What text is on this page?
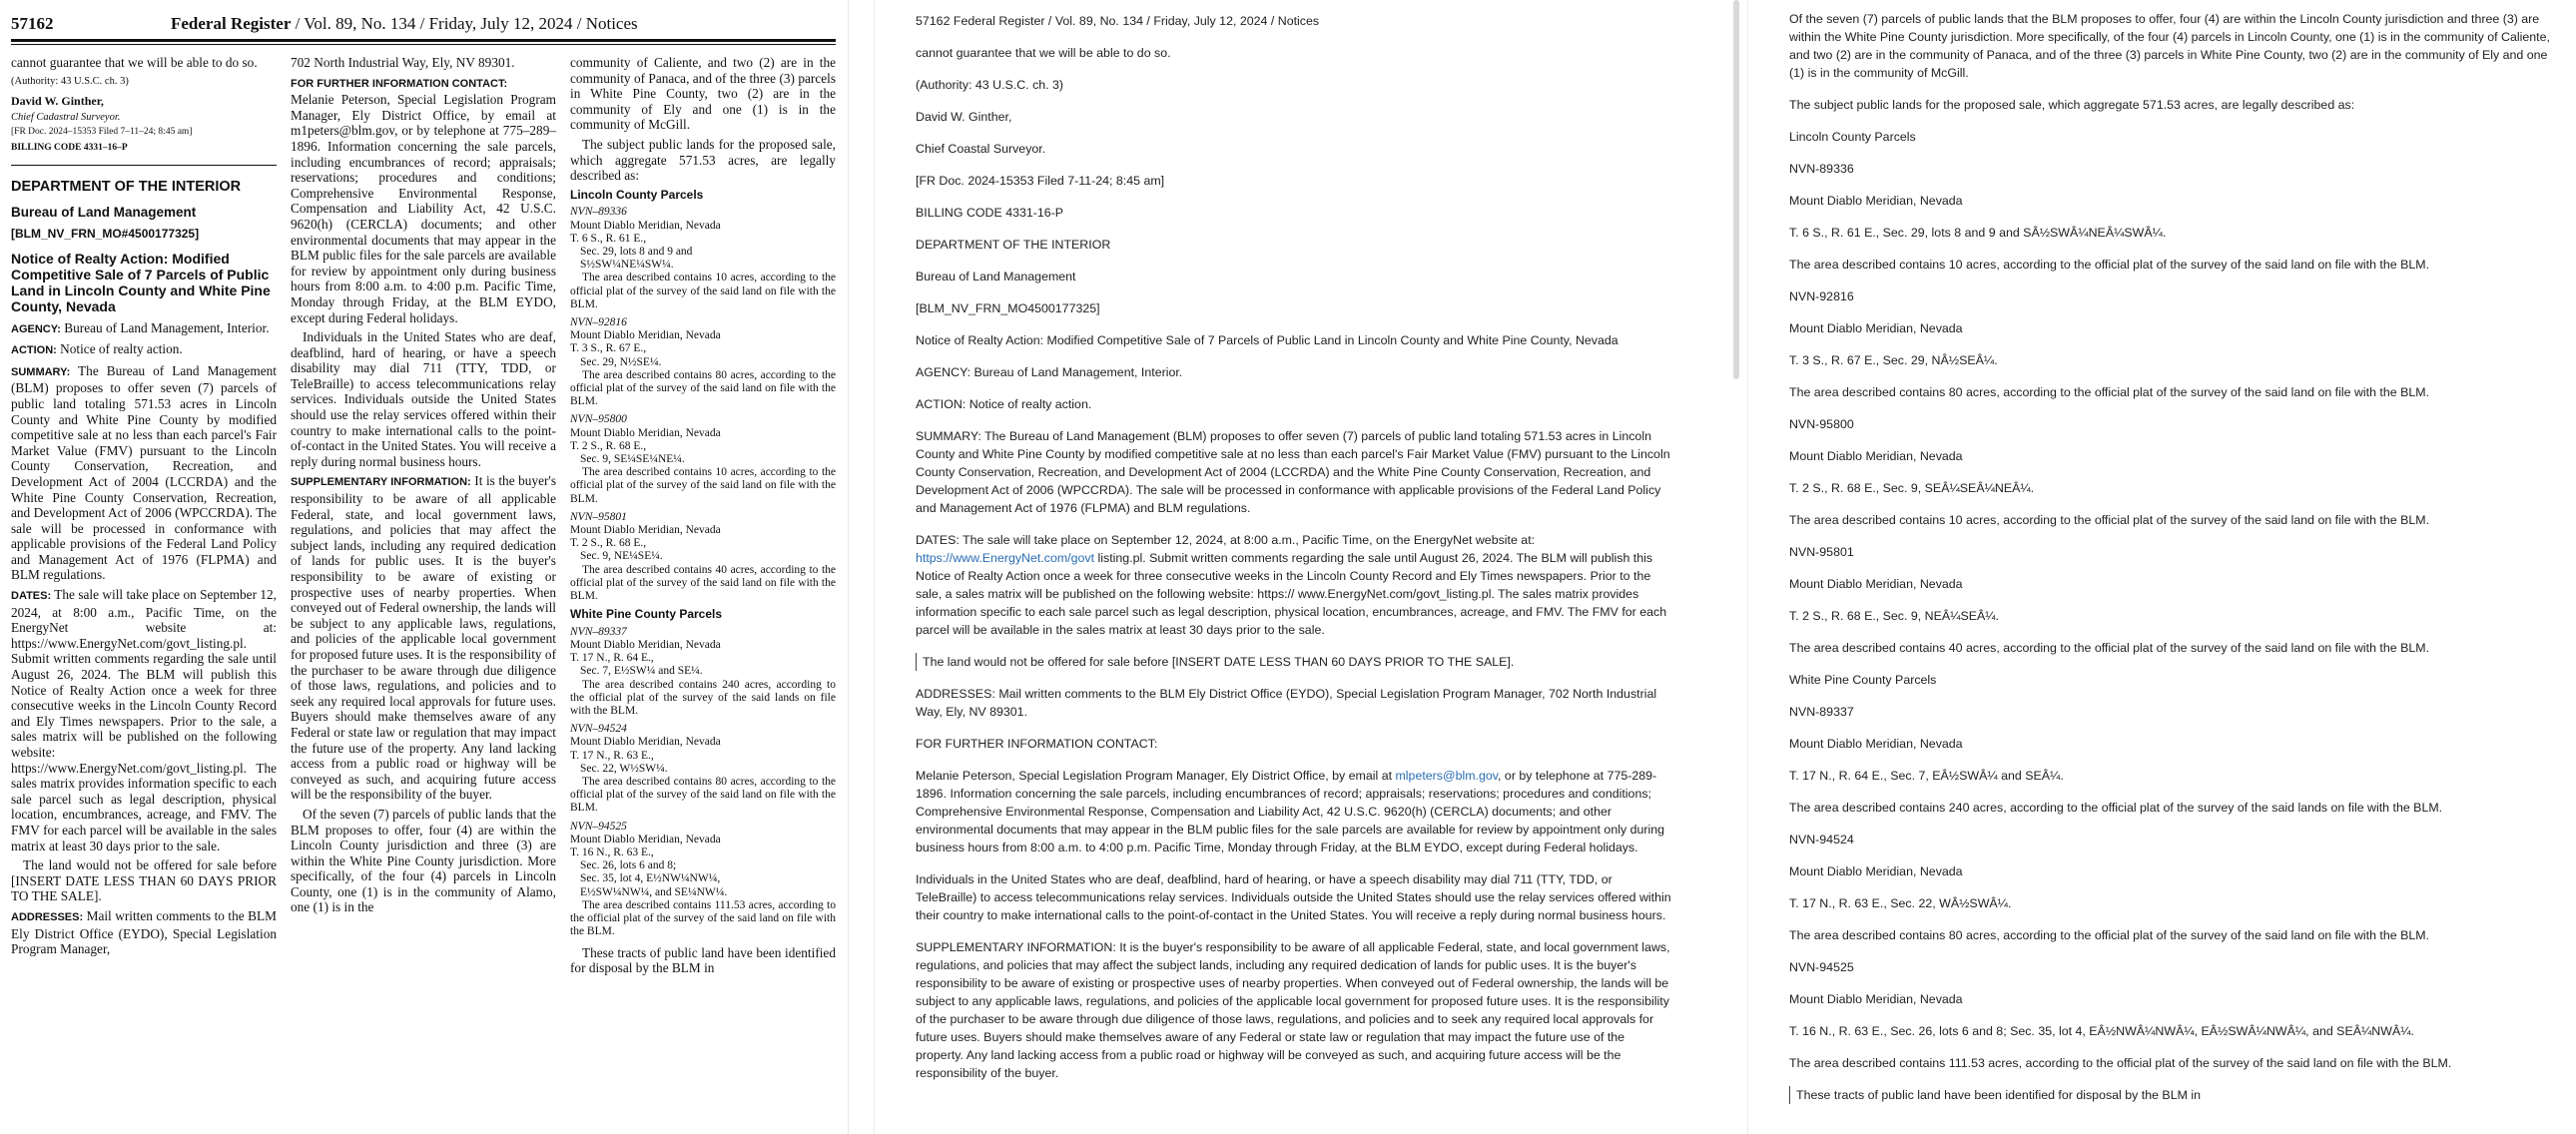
57162	Federal Register / Vol. 89, No. 134 / Friday, July 12, 2024 / Notices

cannot guarantee that we will be able to do so.

(Authority: 43 U.S.C. ch. 3)

David W. Ginther,

Chief Cadastral Surveyor.

[FR Doc. 2024–15353 Filed 7–11–24; 8:45 am]

BILLING CODE 4331–16–P

DEPARTMENT OF THE INTERIOR
Bureau of Land Management
[BLM_NV_FRN_MO#4500177325]
Notice of Realty Action: Modified Competitive Sale of 7 Parcels of Public Land in Lincoln County and White Pine County, Nevada

AGENCY: Bureau of Land Management, Interior.

ACTION: Notice of realty action.

SUMMARY: The Bureau of Land Management (BLM) proposes to offer seven (7) parcels of public land totaling 571.53 acres in Lincoln County and White Pine County by modified competitive sale at no less than each parcel's Fair Market Value (FMV) pursuant to the Lincoln County Conservation, Recreation, and Development Act of 2004 (LCCRDA) and the White Pine County Conservation, Recreation, and Development Act of 2006 (WPCCRDA). The sale will be processed in conformance with applicable provisions of the Federal Land Policy and Management Act of 1976 (FLPMA) and BLM regulations.

DATES: The sale will take place on September 12, 2024, at 8:00 a.m., Pacific Time, on the EnergyNet website at: https://www.EnergyNet.com/govt_listing.pl. Submit written comments regarding the sale until August 26, 2024. The BLM will publish this Notice of Realty Action once a week for three consecutive weeks in the Lincoln County Record and Ely Times newspapers. Prior to the sale, a sales matrix will be published on the following website: https://www.EnergyNet.com/govt_listing.pl. The sales matrix provides information specific to each sale parcel such as legal description, physical location, encumbrances, acreage, and FMV. The FMV for each parcel will be available in the sales matrix at least 30 days prior to the sale.

The land would not be offered for sale before [INSERT DATE LESS THAN 60 DAYS PRIOR TO THE SALE].

ADDRESSES: Mail written comments to the BLM Ely District Office (EYDO), Special Legislation Program Manager,

702 North Industrial Way, Ely, NV 89301.

FOR FURTHER INFORMATION CONTACT:

Melanie Peterson, Special Legislation Program Manager, Ely District Office, by email at m1peters@blm.gov, or by telephone at 775–289–1896. Information concerning the sale parcels, including encumbrances of record; appraisals; reservations; procedures and conditions; Comprehensive Environmental Response, Compensation and Liability Act, 42 U.S.C. 9620(h) (CERCLA) documents; and other environmental documents that may appear in the BLM public files for the sale parcels are available for review by appointment only during business hours from 8:00 a.m. to 4:00 p.m. Pacific Time, Monday through Friday, at the BLM EYDO, except during Federal holidays.

Individuals in the United States who are deaf, deafblind, hard of hearing, or have a speech disability may dial 711 (TTY, TDD, or TeleBraille) to access telecommunications relay services. Individuals outside the United States should use the relay services offered within their country to make international calls to the point-of-contact in the United States. You will receive a reply during normal business hours.

SUPPLEMENTARY INFORMATION: It is the buyer's responsibility to be aware of all applicable Federal, state, and local government laws, regulations, and policies that may affect the subject lands, including any required dedication of lands for public uses. It is the buyer's responsibility to be aware of existing or prospective uses of nearby properties. When conveyed out of Federal ownership, the lands will be subject to any applicable laws, regulations, and policies of the applicable local government for proposed future uses. It is the responsibility of the purchaser to be aware through due diligence of those laws, regulations, and policies and to seek any required local approvals for future uses. Buyers should make themselves aware of any Federal or state law or regulation that may impact the future use of the property. Any land lacking access from a public road or highway will be conveyed as such, and acquiring future access will be the responsibility of the buyer.

Of the seven (7) parcels of public lands that the BLM proposes to offer, four (4) are within the Lincoln County jurisdiction and three (3) are within the White Pine County jurisdiction. More specifically, of the four (4) parcels in Lincoln County, one (1) is in the community of Alamo, one (1) is in the

community of Caliente, and two (2) are in the community of Panaca, and of the three (3) parcels in White Pine County, two (2) are in the community of Ely and one (1) is in the community of McGill.

The subject public lands for the proposed sale, which aggregate 571.53 acres, are legally described as:

Lincoln County Parcels
NVN–89336
Mount Diablo Meridian, Nevada
T. 6 S., R. 61 E.,
Sec. 29, lots 8 and 9 and
S½SW¼NE¼SW¼.
The area described contains 10 acres, according to the official plat of the survey of the said land on file with the BLM.
NVN–92816
Mount Diablo Meridian, Nevada
T. 3 S., R. 67 E.,
Sec. 29, N½SE¼.
The area described contains 80 acres, according to the official plat of the survey of the said land on file with the BLM.
NVN–95800
Mount Diablo Meridian, Nevada
T. 2 S., R. 68 E.,
Sec. 9, SE¼SE¼NE¼.
The area described contains 10 acres, according to the official plat of the survey of the said land on file with the BLM.
NVN–95801
Mount Diablo Meridian, Nevada
T. 2 S., R. 68 E.,
Sec. 9, NE¼SE¼.
The area described contains 40 acres, according to the official plat of the survey of the said land on file with the BLM.
White Pine County Parcels
NVN–89337
Mount Diablo Meridian, Nevada
T. 17 N., R. 64 E.,
Sec. 7, E½SW¼ and SE¼.
The area described contains 240 acres, according to the official plat of the survey of the said lands on file with the BLM.
NVN–94524
Mount Diablo Meridian, Nevada
T. 17 N., R. 63 E.,
Sec. 22, W½SW¼.
The area described contains 80 acres, according to the official plat of the survey of the said land on file with the BLM.
NVN–94525
Mount Diablo Meridian, Nevada
T. 16 N., R. 63 E.,
Sec. 26, lots 6 and 8;
Sec. 35, lot 4, E½NW¼NW¼,
E½SW¼NW¼, and SE¼NW¼.
The area described contains 111.53 acres, according to the official plat of the survey of the said land on file with the BLM.

These tracts of public land have been identified for disposal by the BLM in

57162 Federal Register / Vol. 89, No. 134 / Friday, July 12, 2024 / Notices

cannot guarantee that we will be able to do so.

(Authority: 43 U.S.C. ch. 3)

David W. Ginther,

Chief Coastal Surveyor.

[FR Doc. 2024-15353 Filed 7-11-24; 8:45 am]

BILLING CODE 4331-16-P

DEPARTMENT OF THE INTERIOR

Bureau of Land Management

[BLM_NV_FRN_MO4500177325]

Notice of Realty Action: Modified Competitive Sale of 7 Parcels of Public Land in Lincoln County and White Pine County, Nevada

AGENCY: Bureau of Land Management, Interior.

ACTION: Notice of realty action.

SUMMARY: The Bureau of Land Management (BLM) proposes to offer seven (7) parcels of public land totaling 571.53 acres in Lincoln County and White Pine County by modified competitive sale at no less than each parcel's Fair Market Value (FMV) pursuant to the Lincoln County Conservation, Recreation, and Development Act of 2004 (LCCRDA) and the White Pine County Conservation, Recreation, and Development Act of 2006 (WPCCRDA). The sale will be processed in conformance with applicable provisions of the Federal Land Policy and Management Act of 1976 (FLPMA) and BLM regulations.

DATES: The sale will take place on September 12, 2024, at 8:00 a.m., Pacific Time, on the EnergyNet website at:
https://www.EnergyNet.com/govt listing.pl. Submit written comments regarding the sale until August 26, 2024. The BLM will publish this Notice of Realty Action once a week for three consecutive weeks in the Lincoln County Record and Ely Times newspapers. Prior to the sale, a sales matrix will be published on the following website: https:// www.EnergyNet.com/govt_listing.pl. The sales matrix provides information specific to each sale parcel such as legal description, physical location, encumbrances, acreage, and FMV. The FMV for each parcel will be available in the sales matrix at least 30 days prior to the sale.

The land would not be offered for sale before [INSERT DATE LESS THAN 60 DAYS PRIOR TO THE SALE].

ADDRESSES: Mail written comments to the BLM Ely District Office (EYDO), Special Legislation Program Manager, 702 North Industrial Way, Ely, NV 89301.

FOR FURTHER INFORMATION CONTACT:

Melanie Peterson, Special Legislation Program Manager, Ely District Office, by email at mlpeters@blm.gov, or by telephone at 775-289-1896. Information concerning the sale parcels, including encumbrances of record; appraisals; reservations; procedures and conditions; Comprehensive Environmental Response, Compensation and Liability Act, 42 U.S.C. 9620(h) (CERCLA) documents; and other environmental documents that may appear in the BLM public files for the sale parcels are available for review by appointment only during business hours from 8:00 a.m. to 4:00 p.m. Pacific Time, Monday through Friday, at the BLM EYDO, except during Federal holidays.

Individuals in the United States who are deaf, deafblind, hard of hearing, or have a speech disability may dial 711 (TTY, TDD, or TeleBraille) to access telecommunications relay services. Individuals outside the United States should use the relay services offered within their country to make international calls to the point-of-contact in the United States. You will receive a reply during normal business hours.

SUPPLEMENTARY INFORMATION: It is the buyer's responsibility to be aware of all applicable Federal, state, and local government laws, regulations, and policies that may affect the subject lands, including any required dedication of lands for public uses. It is the buyer's responsibility to be aware of existing or prospective uses of nearby properties. When conveyed out of Federal ownership, the lands will be subject to any applicable laws, regulations, and policies of the applicable local government for proposed future uses. It is the responsibility of the purchaser to be aware through due diligence of those laws, regulations, and policies and to seek any required local approvals for future uses. Buyers should make themselves aware of any Federal or state law or regulation that may impact the future use of the property. Any land lacking access from a public road or highway will be conveyed as such, and acquiring future access will be the responsibility of the buyer.

Of the seven (7) parcels of public lands that the BLM proposes to offer, four (4) are within the Lincoln County jurisdiction and three (3) are within the White Pine County jurisdiction. More specifically, of the four (4) parcels in Lincoln County, one (1) is in the community of Caliente, and two (2) are in the community of Panaca, and of the three (3) parcels in White Pine County, two (2) are in the community of Ely and one (1) is in the community of McGill.

The subject public lands for the proposed sale, which aggregate 571.53 acres, are legally described as:

Lincoln County Parcels

NVN-89336

Mount Diablo Meridian, Nevada

T. 6 S., R. 61 E., Sec. 29, lots 8 and 9 and SÂ½SWÂ¼NEÂ¼SWÂ¼.

The area described contains 10 acres, according to the official plat of the survey of the said land on file with the BLM.

NVN-92816

Mount Diablo Meridian, Nevada

T. 3 S., R. 67 E., Sec. 29, NÂ½SEÂ¼.

The area described contains 80 acres, according to the official plat of the survey of the said land on file with the BLM.

NVN-95800

Mount Diablo Meridian, Nevada

T. 2 S., R. 68 E., Sec. 9, SEÂ¼SEÂ¼NEÂ¼.

The area described contains 10 acres, according to the official plat of the survey of the said land on file with the BLM.

NVN-95801

Mount Diablo Meridian, Nevada

T. 2 S., R. 68 E., Sec. 9, NEÂ¼SEÂ¼.

The area described contains 40 acres, according to the official plat of the survey of the said land on file with the BLM.

White Pine County Parcels

NVN-89337

Mount Diablo Meridian, Nevada

T. 17 N., R. 64 E., Sec. 7, EÂ½SWÂ¼ and SEÂ¼.

The area described contains 240 acres, according to the official plat of the survey of the said lands on file with the BLM.

NVN-94524

Mount Diablo Meridian, Nevada

T. 17 N., R. 63 E., Sec. 22, WÂ½SWÂ¼.

The area described contains 80 acres, according to the official plat of the survey of the said land on file with the BLM.

NVN-94525

Mount Diablo Meridian, Nevada

T. 16 N., R. 63 E., Sec. 26, lots 6 and 8; Sec. 35, lot 4, EÂ½NWÂ¼NWÂ¼, EÂ½SWÂ¼NWÂ¼, and SEÂ¼NWÂ¼.

The area described contains 111.53 acres, according to the official plat of the survey of the said land on file with the BLM.

These tracts of public land have been identified for disposal by the BLM in
